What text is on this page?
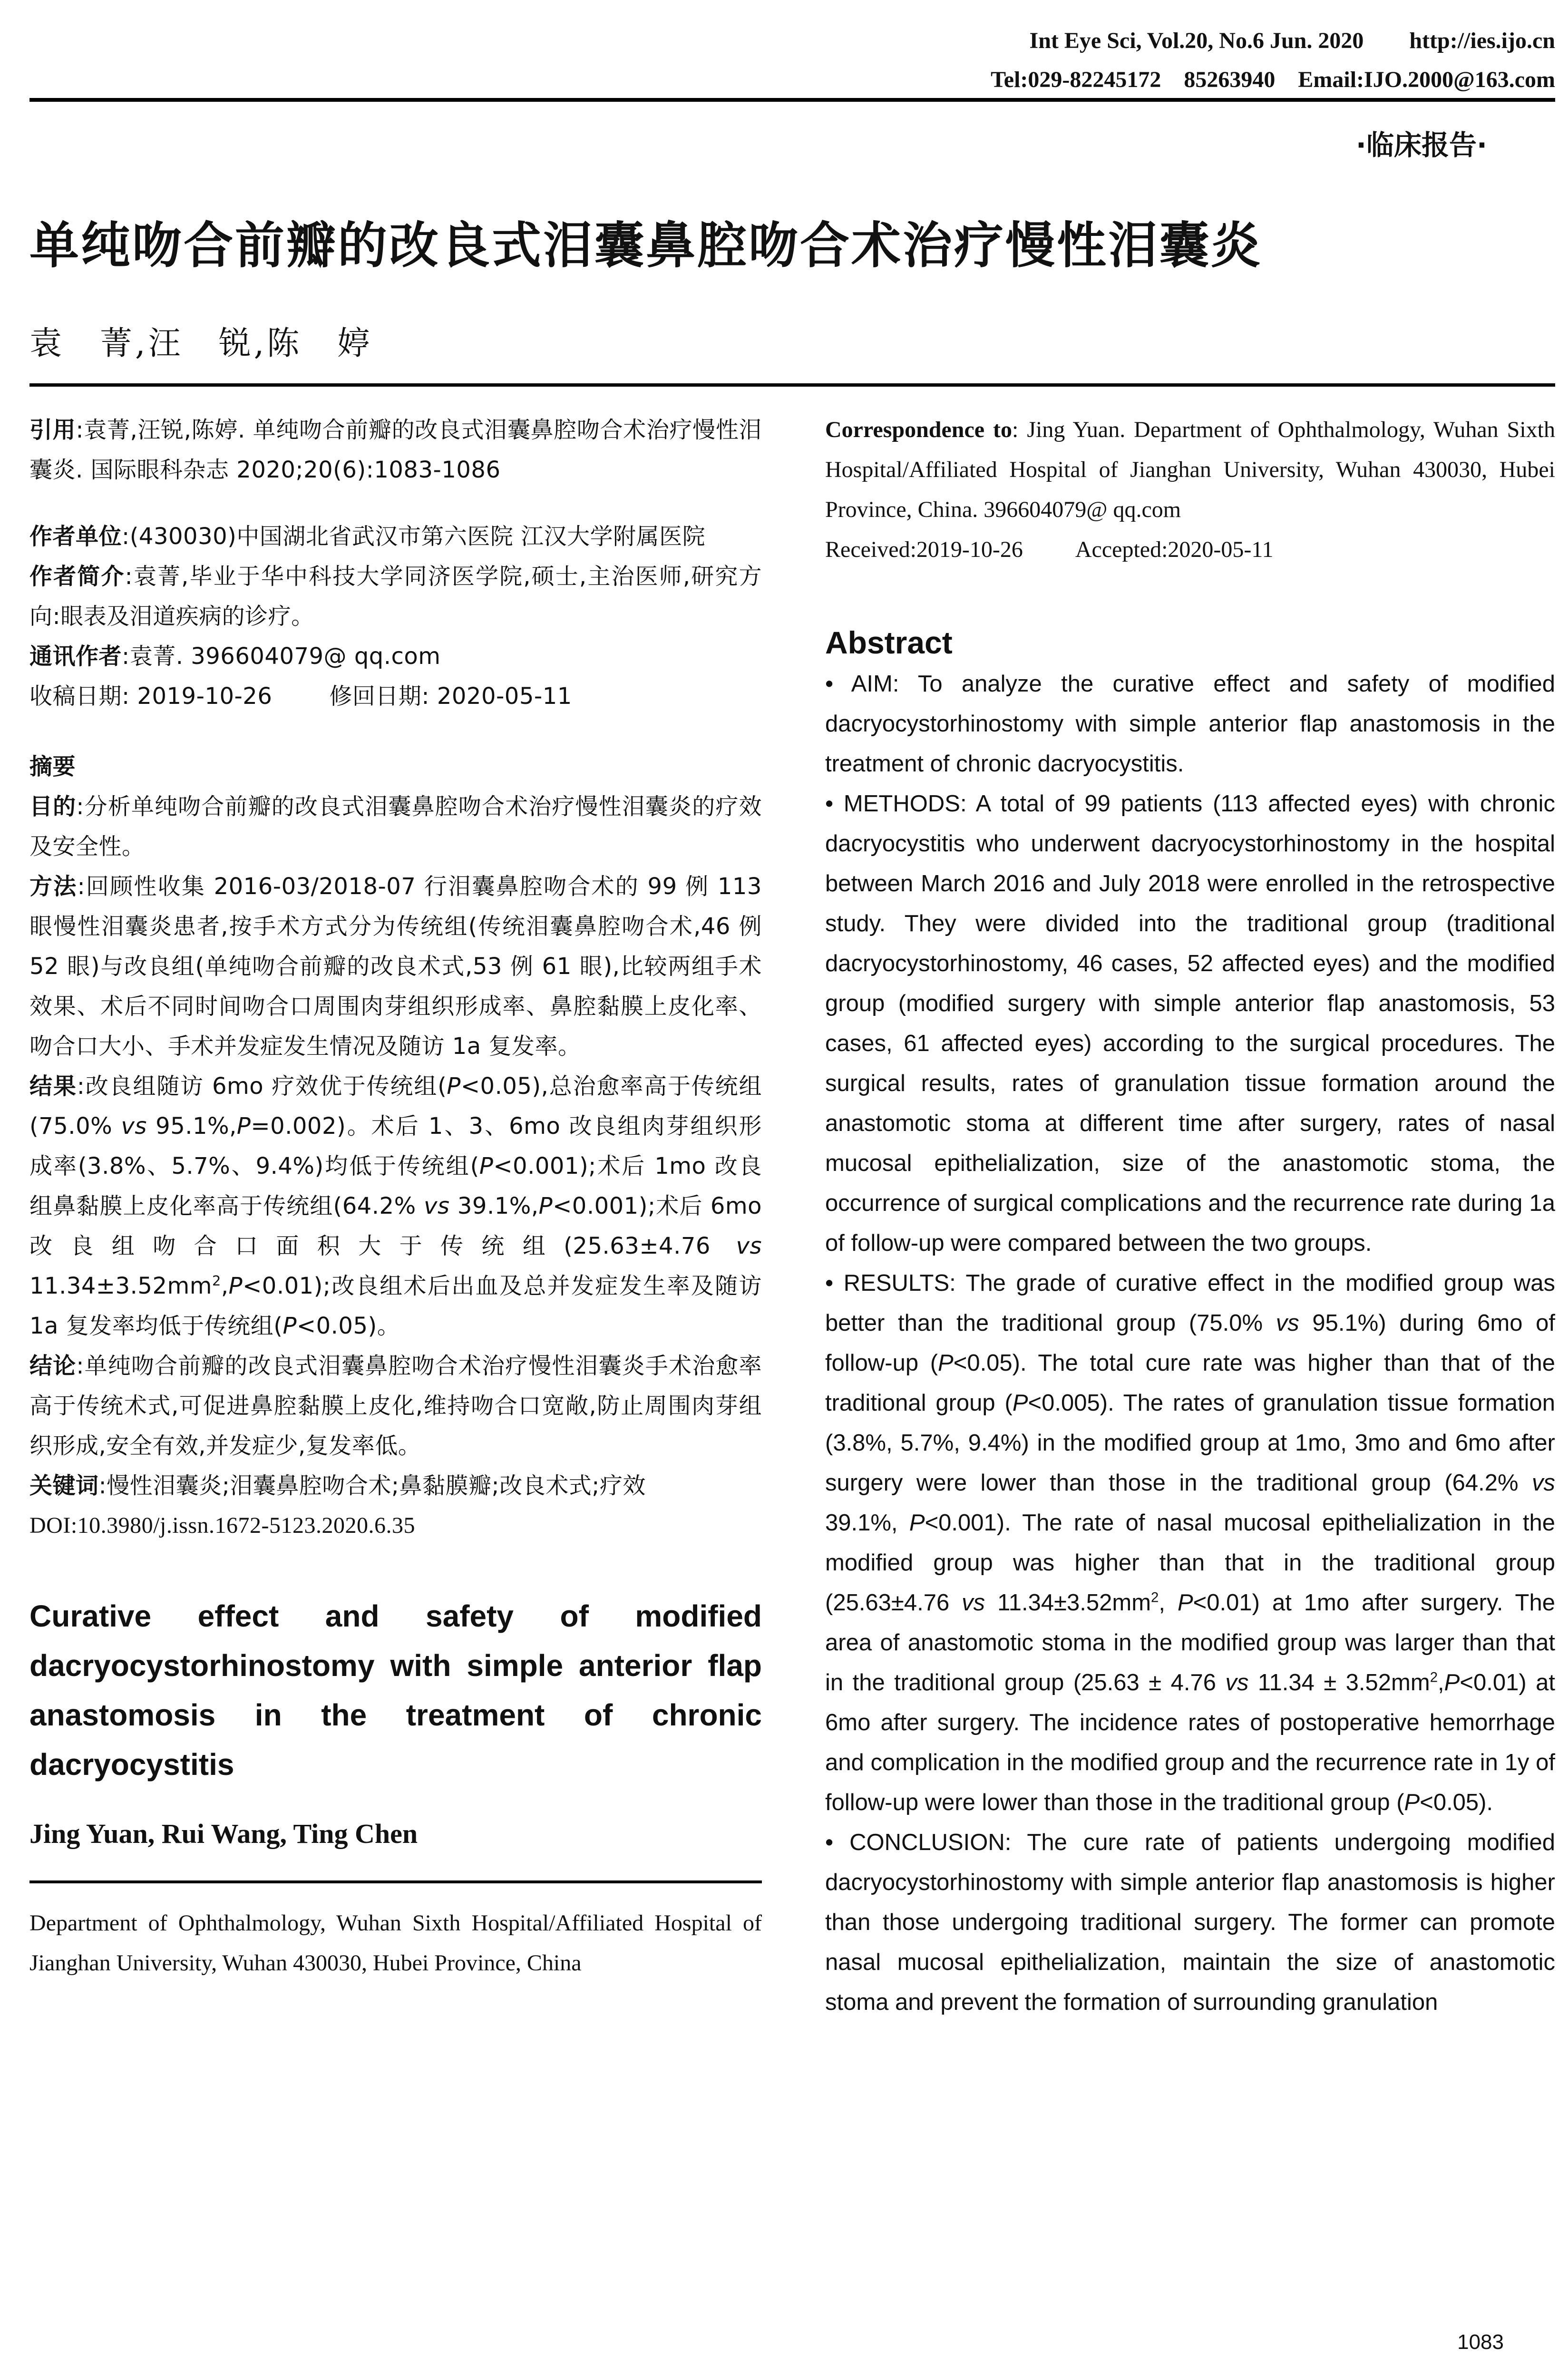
Int Eye Sci, Vol.20, No.6 Jun. 2020        http://ies.ijo.cn
Tel:029-82245172    85263940    Email:IJO.2000@163.com
·临床报告·
单纯吻合前瓣的改良式泪囊鼻腔吻合术治疗慢性泪囊炎
袁　菁,汪　锐,陈　婷

引用:袁菁,汪锐,陈婷. 单纯吻合前瓣的改良式泪囊鼻腔吻合术治疗慢性泪囊炎. 国际眼科杂志 2020;20(6):1083-1086

作者单位:(430030)中国湖北省武汉市第六医院 江汉大学附属医院

作者简介:袁菁,毕业于华中科技大学同济医学院,硕士,主治医师,研究方向:眼表及泪道疾病的诊疗。

通讯作者:袁菁. 396604079@ qq.com

收稿日期: 2019-10-26	修回日期: 2020-05-11

摘要

目的:分析单纯吻合前瓣的改良式泪囊鼻腔吻合术治疗慢性泪囊炎的疗效及安全性。

方法:回顾性收集 2016-03/2018-07 行泪囊鼻腔吻合术的 99 例 113 眼慢性泪囊炎患者,按手术方式分为传统组(传统泪囊鼻腔吻合术,46 例 52 眼)与改良组(单纯吻合前瓣的改良术式,53 例 61 眼),比较两组手术效果、术后不同时间吻合口周围肉芽组织形成率、鼻腔黏膜上皮化率、吻合口大小、手术并发症发生情况及随访 1a 复发率。

结果:改良组随访 6mo 疗效优于传统组(P<0.05),总治愈率高于传统组(75.0% vs 95.1%,P=0.002)。术后 1、3、6mo 改良组肉芽组织形成率(3.8%、5.7%、9.4%)均低于传统组(P<0.001);术后 1mo 改良组鼻黏膜上皮化率高于传统组(64.2% vs 39.1%,P<0.001);术后 6mo 改良组吻合口面积大于传统组(25.63±4.76 vs $11.34\pm 3.52mm^2,P<0.01$);改良组术后出血及总并发症发生率及随访 1a 复发率均低于传统组(P<0.05)。

结论:单纯吻合前瓣的改良式泪囊鼻腔吻合术治疗慢性泪囊炎手术治愈率高于传统术式,可促进鼻腔黏膜上皮化,维持吻合口宽敞,防止周围肉芽组织形成,安全有效,并发症少,复发率低。

关键词:慢性泪囊炎;泪囊鼻腔吻合术;鼻黏膜瓣;改良术式;疗效

DOI:10.3980/j.issn.1672-5123.2020.6.35

Curative effect and safety of modified dacryocystorhinostomy with simple anterior flap anastomosis in the treatment of chronic dacryocystitis

Jing Yuan, Rui Wang, Ting Chen

Department of Ophthalmology, Wuhan Sixth Hospital/Affiliated Hospital of Jianghan University, Wuhan 430030, Hubei Province, China

Correspondence to: Jing Yuan. Department of Ophthalmology, Wuhan Sixth Hospital/Affiliated Hospital of Jianghan University, Wuhan 430030, Hubei Province, China. 396604079@ qq.com

Received:2019-10-26 Accepted:2020-05-11

Abstract

• AIM: To analyze the curative effect and safety of modified dacryocystorhinostomy with simple anterior flap anastomosis in the treatment of chronic dacryocystitis.

• METHODS: A total of 99 patients (113 affected eyes) with chronic dacryocystitis who underwent dacryocystorhinostomy in the hospital between March 2016 and July 2018 were enrolled in the retrospective study. They were divided into the traditional group (traditional dacryocystorhinostomy, 46 cases, 52 affected eyes) and the modified group (modified surgery with simple anterior flap anastomosis, 53 cases, 61 affected eyes) according to the surgical procedures. The surgical results, rates of granulation tissue formation around the anastomotic stoma at different time after surgery, rates of nasal mucosal epithelialization, size of the anastomotic stoma, the occurrence of surgical complications and the recurrence rate during 1a of follow-up were compared between the two groups.

• RESULTS: The grade of curative effect in the modified group was better than the traditional group (75.0% vs 95.1%) during 6mo of follow-up (P<0.05). The total cure rate was higher than that of the traditional group (P<0.005). The rates of granulation tissue formation (3.8%, 5.7%, 9.4%) in the modified group at 1mo, 3mo and 6mo after surgery were lower than those in the traditional group (64.2% vs 39.1%, P<0.001). The rate of nasal mucosal epithelialization in the modified group was higher than that in the traditional group (25.63±4.76 vs $11.34\pm 3.52mm^2$, P<0.01) at 1mo after surgery. The area of anastomotic stoma in the modified group was larger than that in the traditional group (25.63 ± 4.76 vs $11.34 \pm 3.52mm^2,P<0.01$) at 6mo after surgery. The incidence rates of postoperative hemorrhage and complication in the modified group and the recurrence rate in 1y of follow-up were lower than those in the traditional group (P<0.05).

• CONCLUSION: The cure rate of patients undergoing modified dacryocystorhinostomy with simple anterior flap anastomosis is higher than those undergoing traditional surgery. The former can promote nasal mucosal epithelialization, maintain the size of anastomotic stoma and prevent the formation of surrounding granulation

1083
